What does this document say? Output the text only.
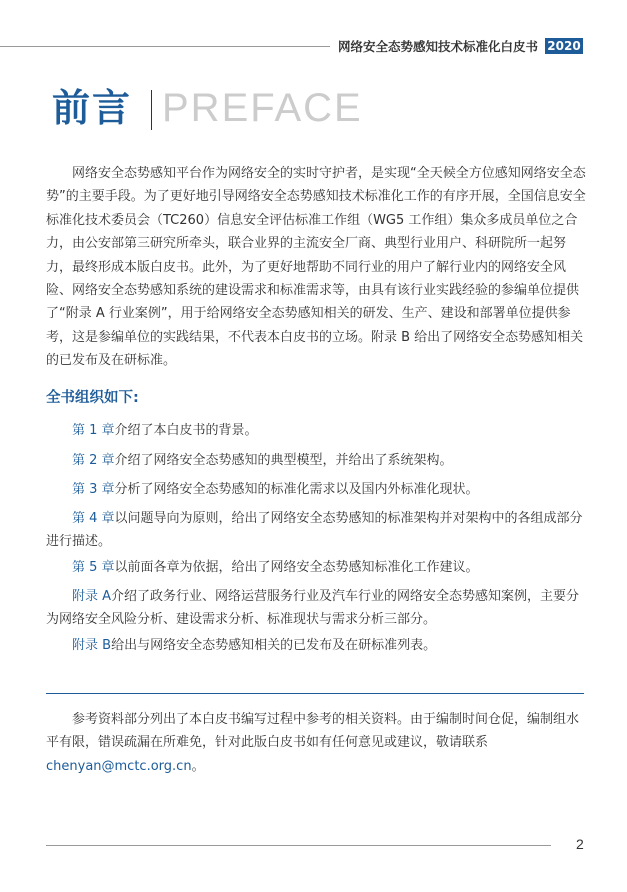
网络安全态势感知技术标准化白皮书 2020
前言 PREFACE
网络安全态势感知平台作为网络安全的实时守护者，是实现“全天候全方位感知网络安全态势”的主要手段。为了更好地引导网络安全态势感知技术标准化工作的有序开展，全国信息安全标准化技术委员会（TC260）信息安全评估标准工作组（WG5 工作组）集众多成员单位之合力，由公安部第三研究所牵头，联合业界的主流安全厂商、典型行业用户、科研院所一起努力，最终形成本版白皮书。此外，为了更好地帮助不同行业的用户了解行业内的网络安全风险、网络安全态势感知系统的建设需求和标准需求等，由具有该行业实践经验的参编单位提供了“附录 A 行业案例”，用于给网络安全态势感知相关的研发、生产、建设和部署单位提供参考，这是参编单位的实践结果，不代表本白皮书的立场。附录 B 给出了网络安全态势感知相关的已发布及在研标准。
全书组织如下:
第 1 章介绍了本白皮书的背景。
第 2 章介绍了网络安全态势感知的典型模型，并给出了系统架构。
第 3 章分析了网络安全态势感知的标准化需求以及国内外标准化现状。
第 4 章以问题导向为原则，给出了网络安全态势感知的标准架构并对架构中的各组成部分进行描述。
第 5 章以前面各章为依据，给出了网络安全态势感知标准化工作建议。
附录 A介绍了政务行业、网络运营服务行业及汽车行业的网络安全态势感知案例，主要分为网络安全风险分析、建设需求分析、标准现状与需求分析三部分。
附录 B给出与网络安全态势感知相关的已发布及在研标准列表。
参考资料部分列出了本白皮书编写过程中参考的相关资料。由于编制时间仓促，编制组水平有限，错误疏漏在所难免，针对此版白皮书如有任何意见或建议，敬请联系 chenyan@mctc.org.cn。
2
